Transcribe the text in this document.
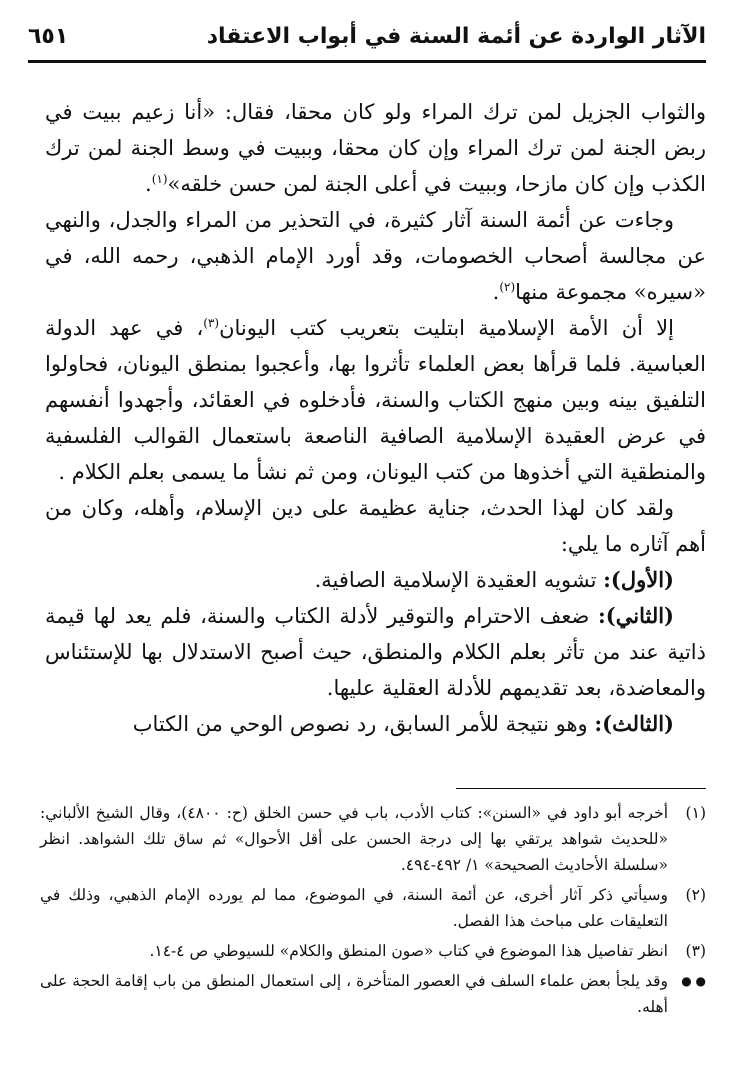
الآثار الواردة عن أئمة السنة في أبواب الاعتقاد
٦٥١

والثواب الجزيل لمن ترك المراء ولو كان محقا، فقال: «أنا زعيم ببيت في ربض الجنة لمن ترك المراء وإن كان محقا، وببيت في وسط الجنة لمن ترك الكذب وإن كان مازحا، وببيت في أعلى الجنة لمن حسن خلقه»$^{(١)}$.

وجاءت عن أئمة السنة آثار كثيرة، في التحذير من المراء والجدل، والنهي عن مجالسة أصحاب الخصومات، وقد أورد الإمام الذهبي، رحمه الله، في «سيره» مجموعة منها$^{(٢)}$.

إلا أن الأمة الإسلامية ابتليت بتعريب كتب اليونان$^{(٣)}$، في عهد الدولة العباسية. فلما قرأها بعض العلماء تأثروا بها، وأعجبوا بمنطق اليونان، فحاولوا التلفيق بينه وبين منهج الكتاب والسنة، فأدخلوه في العقائد، وأجهدوا أنفسهم في عرض العقيدة الإسلامية الصافية الناصعة باستعمال القوالب الفلسفية والمنطقية التي أخذوها من كتب اليونان، ومن ثم نشأ ما يسمى بعلم الكلام .

ولقد كان لهذا الحدث، جناية عظيمة على دين الإسلام، وأهله، وكان من أهم آثاره ما يلي:

(الأول): تشويه العقيدة الإسلامية الصافية.

(الثاني): ضعف الاحترام والتوقير لأدلة الكتاب والسنة، فلم يعد لها قيمة ذاتية عند من تأثر بعلم الكلام والمنطق، حيث أصبح الاستدلال بها للإستئناس والمعاضدة، بعد تقديمهم للأدلة العقلية عليها.

(الثالث): وهو نتيجة للأمر السابق، رد نصوص الوحي من الكتاب

(١)
أخرجه أبو داود في «السنن»: كتاب الأدب، باب في حسن الخلق (ح: ٤٨٠٠)، وقال الشيخ الألباني: «للحديث شواهد يرتقي بها إلى درجة الحسن على أقل الأحوال» ثم ساق تلك الشواهد. انظر «سلسلة الأحاديث الصحيحة» ١/ ٤٩٢-٤٩٤.
(٢)
وسيأتي ذكر آثار أخرى، عن أئمة السنة، في الموضوع، مما لم يورده الإمام الذهبي، وذلك في التعليقات على مباحث هذا الفصل.
(٣)
انظر تفاصيل هذا الموضوع في كتاب «صون المنطق والكلام» للسيوطي ص ٤-١٤.
● ●
وقد يلجأ بعض علماء السلف في العصور المتأخرة ، إلى استعمال المنطق من باب إقامة الحجة على أهله.
